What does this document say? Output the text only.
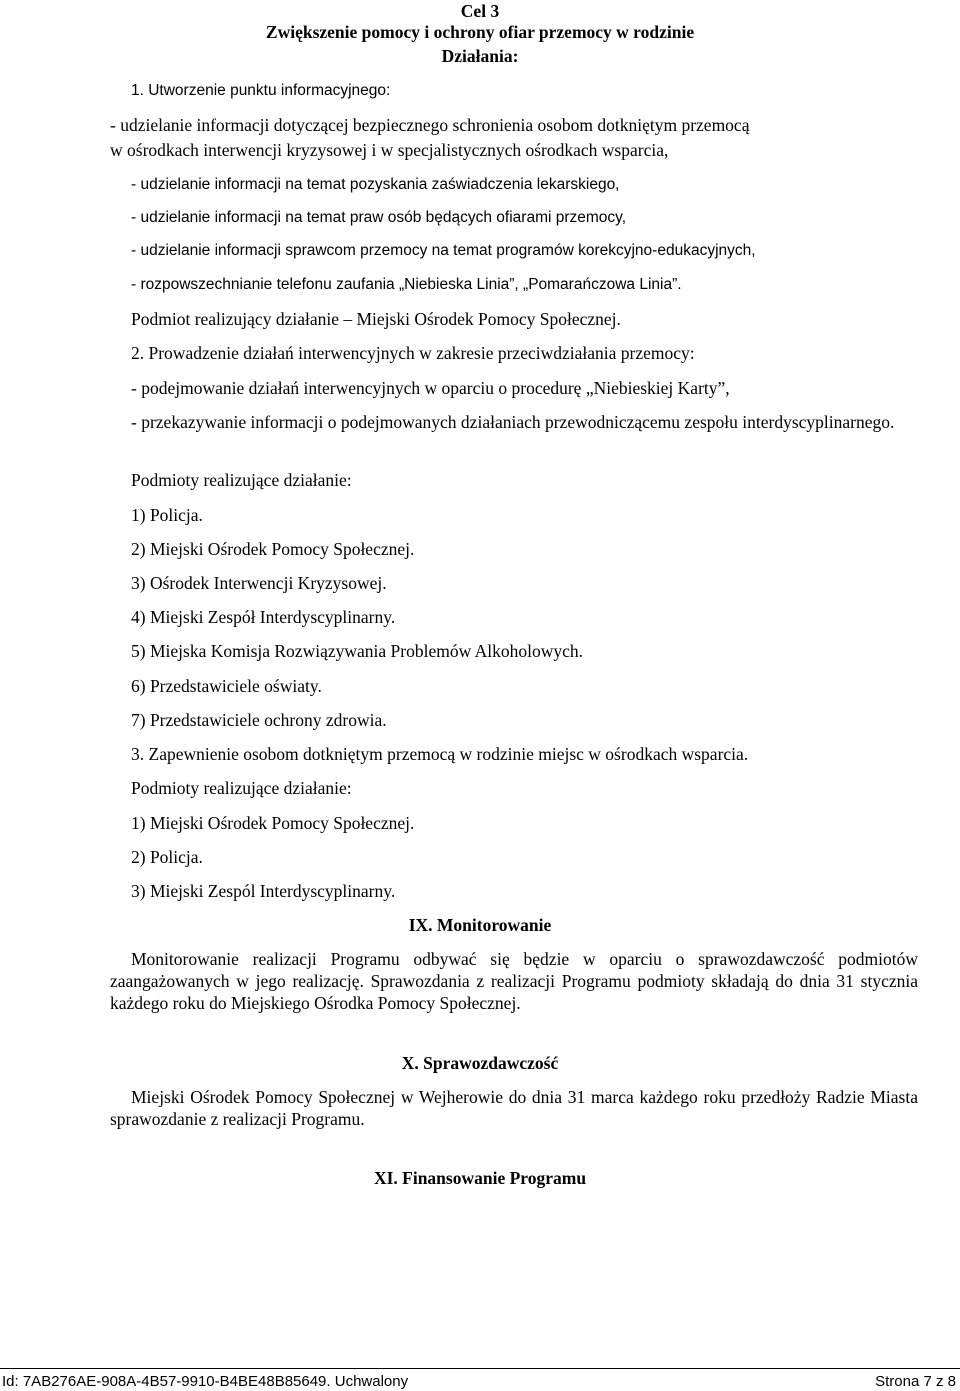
Cel 3
Zwiększenie pomocy i ochrony ofiar przemocy w rodzinie
Działania:
1. Utworzenie punktu informacyjnego:
- udzielanie informacji dotyczącej bezpiecznego schronienia osobom dotkniętym przemocą
w ośrodkach interwencji kryzysowej i w specjalistycznych ośrodkach wsparcia,
- udzielanie informacji na temat pozyskania zaświadczenia lekarskiego,
- udzielanie informacji na temat praw osób będących ofiarami przemocy,
- udzielanie informacji sprawcom przemocy na temat programów korekcyjno-edukacyjnych,
- rozpowszechnianie telefonu zaufania „Niebieska Linia”, „Pomarańczowa Linia”.
Podmiot realizujący działanie – Miejski Ośrodek Pomocy Społecznej.
2. Prowadzenie działań interwencyjnych w zakresie przeciwdziałania przemocy:
- podejmowanie działań interwencyjnych w oparciu o procedurę „Niebieskiej Karty”,
- przekazywanie informacji o podejmowanych działaniach przewodniczącemu zespołu interdyscyplinarnego.
Podmioty realizujące działanie:
1) Policja.
2) Miejski Ośrodek Pomocy Społecznej.
3) Ośrodek Interwencji Kryzysowej.
4) Miejski Zespół Interdyscyplinarny.
5) Miejska Komisja Rozwiązywania Problemów Alkoholowych.
6) Przedstawiciele oświaty.
7) Przedstawiciele ochrony zdrowia.
3. Zapewnienie osobom dotkniętym przemocą w rodzinie miejsc w ośrodkach wsparcia.
Podmioty realizujące działanie:
1) Miejski Ośrodek Pomocy Społecznej.
2) Policja.
3) Miejski Zespól Interdyscyplinarny.
IX. Monitorowanie
Monitorowanie realizacji Programu odbywać się będzie w oparciu o sprawozdawczość podmiotów zaangażowanych w jego realizację. Sprawozdania z realizacji Programu podmioty składają do dnia 31 stycznia każdego roku do Miejskiego Ośrodka Pomocy Społecznej.
X. Sprawozdawczość
Miejski Ośrodek Pomocy Społecznej w Wejherowie do dnia 31 marca każdego roku przedłoży Radzie Miasta sprawozdanie z realizacji Programu.
XI. Finansowanie Programu
Id: 7AB276AE-908A-4B57-9910-B4BE48B85649. Uchwalony	Strona 7 z 8
